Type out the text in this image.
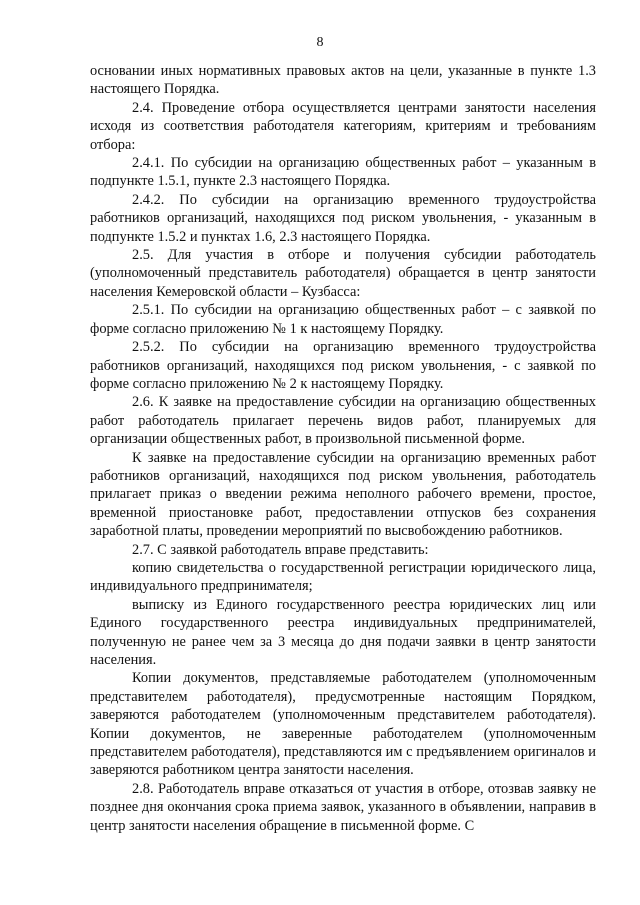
8

основании иных нормативных правовых актов на цели, указанные в пункте 1.3 настоящего Порядка.

2.4. Проведение отбора осуществляется центрами занятости населения исходя из соответствия работодателя категориям, критериям и требованиям отбора:

2.4.1. По субсидии на организацию общественных работ – указанным в подпункте 1.5.1, пункте 2.3 настоящего Порядка.

2.4.2. По субсидии на организацию временного трудоустройства работников организаций, находящихся под риском увольнения, - указанным в подпункте 1.5.2 и пунктах 1.6, 2.3 настоящего Порядка.

2.5. Для участия в отборе и получения субсидии работодатель (уполномоченный представитель работодателя) обращается в центр занятости населения Кемеровской области – Кузбасса:

2.5.1. По субсидии на организацию общественных работ – с заявкой по форме согласно приложению № 1 к настоящему Порядку.

2.5.2. По субсидии на организацию временного трудоустройства работников организаций, находящихся под риском увольнения, - с заявкой по форме согласно приложению № 2 к настоящему Порядку.

2.6. К заявке на предоставление субсидии на организацию общественных работ работодатель прилагает перечень видов работ, планируемых для организации общественных работ, в произвольной письменной форме.

К заявке на предоставление субсидии на организацию временных работ работников организаций, находящихся под риском увольнения, работодатель прилагает приказ о введении режима неполного рабочего времени, простое, временной приостановке работ, предоставлении отпусков без сохранения заработной платы, проведении мероприятий по высвобождению работников.

2.7. С заявкой работодатель вправе представить:

копию свидетельства о государственной регистрации юридического лица, индивидуального предпринимателя;

выписку из Единого государственного реестра юридических лиц или Единого государственного реестра индивидуальных предпринимателей, полученную не ранее чем за 3 месяца до дня подачи заявки в центр занятости населения.

Копии документов, представляемые работодателем (уполномоченным представителем работодателя), предусмотренные настоящим Порядком, заверяются работодателем (уполномоченным представителем работодателя). Копии документов, не заверенные работодателем (уполномоченным представителем работодателя), представляются им с предъявлением оригиналов и заверяются работником центра занятости населения.

2.8. Работодатель вправе отказаться от участия в отборе, отозвав заявку не позднее дня окончания срока приема заявок, указанного в объявлении, направив в центр занятости населения обращение в письменной форме. С
